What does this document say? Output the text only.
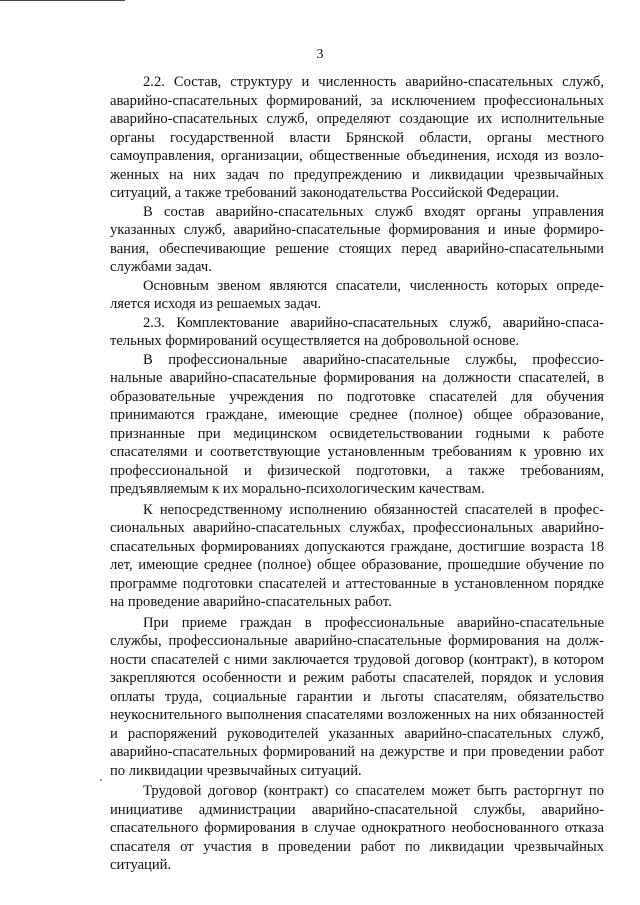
3

2.2. Состав, структуру и численность аварийно-спасательных служб, аварийно-спасательных формирований, за исключением профессиональных аварийно-спасательных служб, определяют создающие их исполнительные органы государственной власти Брянской области, органы местного самоуправления, организации, общественные объединения, исходя из возложенных на них задач по предупреждению и ликвидации чрезвычайных ситуаций, а также требований законодательства Российской Федерации.

В состав аварийно-спасательных служб входят органы управления указанных служб, аварийно-спасательные формирования и иные формирования, обеспечивающие решение стоящих перед аварийно-спасательными службами задач.

Основным звеном являются спасатели, численность которых определяется исходя из решаемых задач.

2.3. Комплектование аварийно-спасательных служб, аварийно-спасательных формирований осуществляется на добровольной основе.

В профессиональные аварийно-спасательные службы, профессиональные аварийно-спасательные формирования на должности спасателей, в образовательные учреждения по подготовке спасателей для обучения принимаются граждане, имеющие среднее (полное) общее образование, признанные при медицинском освидетельствовании годными к работе спасателями и соответствующие установленным требованиям к уровню их профессиональной и физической подготовки, а также требованиям, предъявляемым к их морально-психологическим качествам.

К непосредственному исполнению обязанностей спасателей в профессиональных аварийно-спасательных службах, профессиональных аварийно-спасательных формированиях допускаются граждане, достигшие возраста 18 лет, имеющие среднее (полное) общее образование, прошедшие обучение по программе подготовки спасателей и аттестованные в установленном порядке на проведение аварийно-спасательных работ.

При приеме граждан в профессиональные аварийно-спасательные службы, профессиональные аварийно-спасательные формирования на должности спасателей с ними заключается трудовой договор (контракт), в котором закрепляются особенности и режим работы спасателей, порядок и условия оплаты труда, социальные гарантии и льготы спасателям, обязательство неукоснительного выполнения спасателями возложенных на них обязанностей и распоряжений руководителей указанных аварийно-спасательных служб, аварийно-спасательных формирований на дежурстве и при проведении работ по ликвидации чрезвычайных ситуаций.

Трудовой договор (контракт) со спасателем может быть расторгнут по инициативе администрации аварийно-спасательной службы, аварийно-спасательного формирования в случае однократного необоснованного отказа спасателя от участия в проведении работ по ликвидации чрезвычайных ситуаций.
